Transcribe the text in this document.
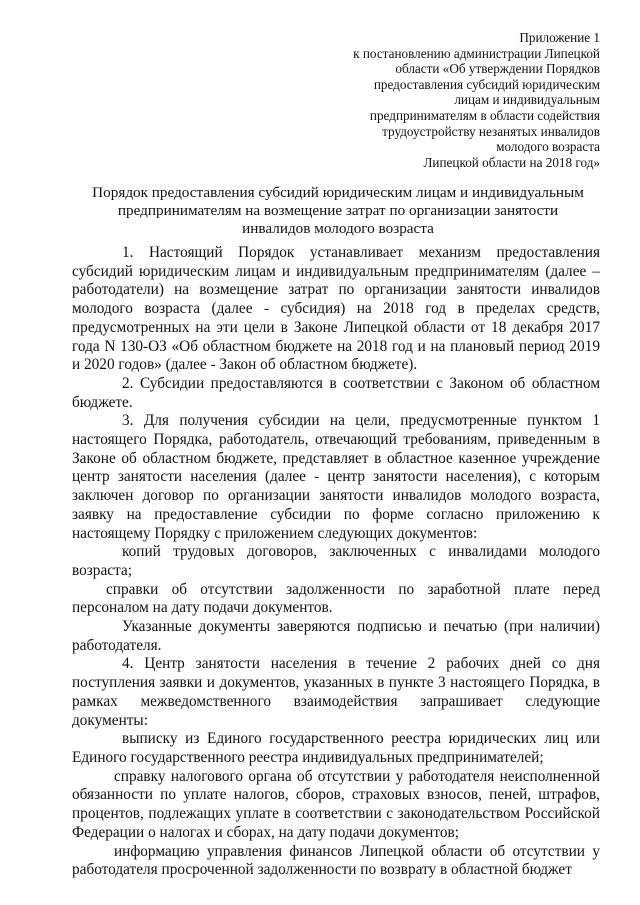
Приложение 1
к постановлению администрации Липецкой
области «Об утверждении Порядков
предоставления субсидий юридическим
лицам и индивидуальным
предпринимателям в области содействия
трудоустройству незанятых инвалидов
молодого возраста
Липецкой области на 2018 год»
Порядок предоставления субсидий юридическим лицам и индивидуальным
предпринимателям на возмещение затрат по организации занятости
инвалидов молодого возраста

1. Настоящий Порядок устанавливает механизм предоставления субсидий юридическим лицам и индивидуальным предпринимателям (далее – работодатели) на возмещение затрат по организации занятости инвалидов молодого возраста (далее - субсидия) на 2018 год в пределах средств, предусмотренных на эти цели в Законе Липецкой области от 18 декабря 2017 года N 130-ОЗ «Об областном бюджете на 2018 год и на плановый период 2019 и 2020 годов» (далее - Закон об областном бюджете).

2. Субсидии предоставляются в соответствии с Законом об областном бюджете.

3. Для получения субсидии на цели, предусмотренные пунктом 1 настоящего Порядка, работодатель, отвечающий требованиям, приведенным в Законе об областном бюджете, представляет в областное казенное учреждение центр занятости населения (далее - центр занятости населения), с которым заключен договор по организации занятости инвалидов молодого возраста, заявку на предоставление субсидии по форме согласно приложению к настоящему Порядку с приложением следующих документов:

копий трудовых договоров, заключенных с инвалидами молодого возраста;

справки об отсутствии задолженности по заработной плате перед персоналом на дату подачи документов.

Указанные документы заверяются подписью и печатью (при наличии) работодателя.

4. Центр занятости населения в течение 2 рабочих дней со дня поступления заявки и документов, указанных в пункте 3 настоящего Порядка, в рамках межведомственного взаимодействия запрашивает следующие документы:

выписку из Единого государственного реестра юридических лиц или Единого государственного реестра индивидуальных предпринимателей;

справку налогового органа об отсутствии у работодателя неисполненной обязанности по уплате налогов, сборов, страховых взносов, пеней, штрафов, процентов, подлежащих уплате в соответствии с законодательством Российской Федерации о налогах и сборах, на дату подачи документов;

информацию управления финансов Липецкой области об отсутствии у работодателя просроченной задолженности по возврату в областной бюджет
